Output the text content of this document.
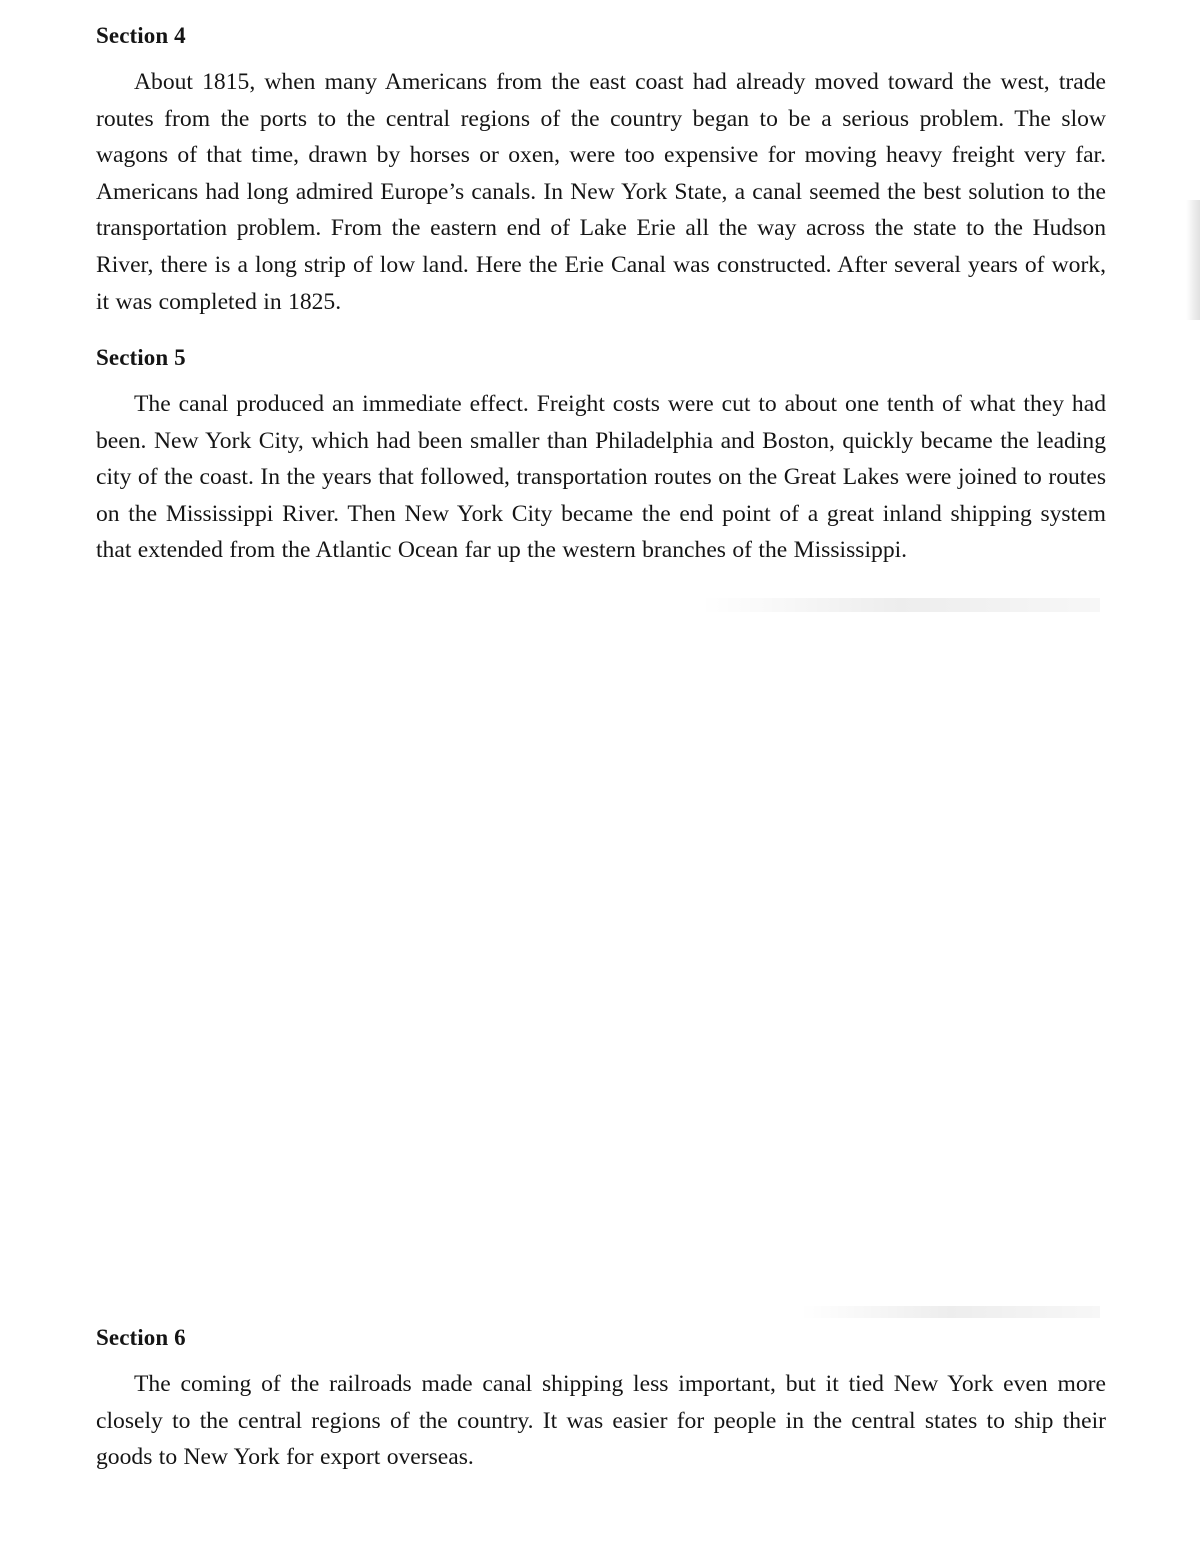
Section 4

About 1815, when many Americans from the east coast had already moved toward the west, trade routes from the ports to the central regions of the country began to be a serious problem. The slow wagons of that time, drawn by horses or oxen, were too expensive for moving heavy freight very far. Americans had long admired Europe’s canals. In New York State, a canal seemed the best solution to the transportation problem. From the eastern end of Lake Erie all the way across the state to the Hudson River, there is a long strip of low land. Here the Erie Canal was constructed. After several years of work, it was completed in 1825.

Section 5

The canal produced an immediate effect. Freight costs were cut to about one tenth of what they had been. New York City, which had been smaller than Philadelphia and Boston, quickly became the leading city of the coast. In the years that followed, transportation routes on the Great Lakes were joined to routes on the Mississippi River. Then New York City became the end point of a great inland shipping system that extended from the Atlantic Ocean far up the western branches of the Mississippi.

Section 6

The coming of the railroads made canal shipping less important, but it tied New York even more closely to the central regions of the country. It was easier for people in the central states to ship their goods to New York for export overseas.
